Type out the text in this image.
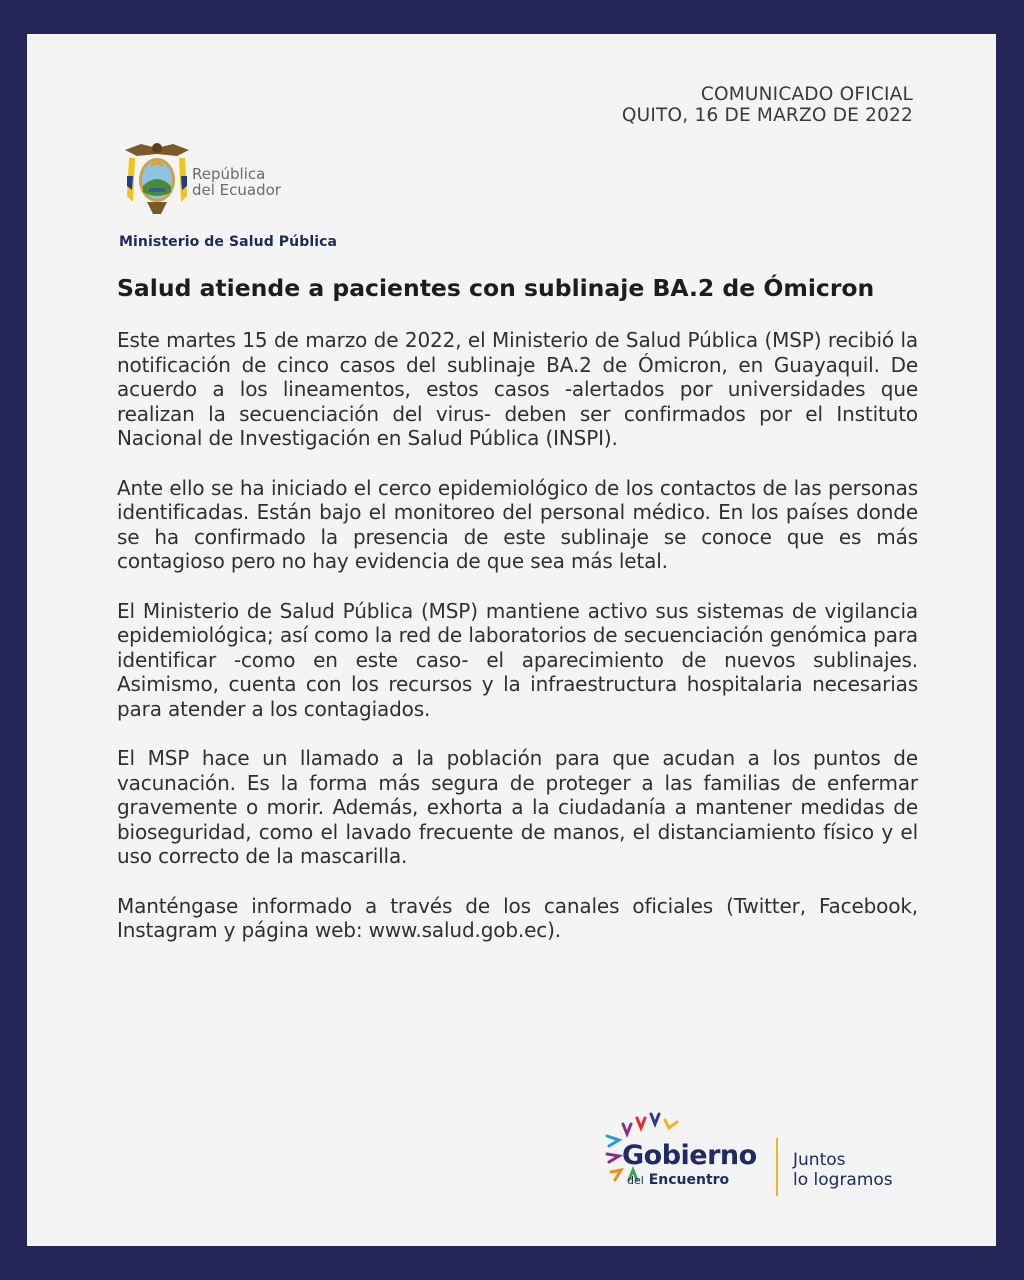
COMUNICADO OFICIAL
QUITO, 16 DE MARZO DE 2022
República
del Ecuador
Ministerio de Salud Pública
Salud atiende a pacientes con sublinaje BA.2 de Ómicron

Este martes 15 de marzo de 2022, el Ministerio de Salud Pública (MSP) recibió la notificación de cinco casos del sublinaje BA.2 de Ómicron, en Guayaquil. De acuerdo a los lineamentos, estos casos -alertados por universidades que realizan la secuenciación del virus- deben ser confirmados por el Instituto Nacional de Investigación en Salud Pública (INSPI).

Ante ello se ha iniciado el cerco epidemiológico de los contactos de las personas identificadas. Están bajo el monitoreo del personal médico. En los países donde se ha confirmado la presencia de este sublinaje se conoce que es más contagioso pero no hay evidencia de que sea más letal.

El Ministerio de Salud Pública (MSP) mantiene activo sus sistemas de vigilancia epidemiológica; así como la red de laboratorios de secuenciación genómica para identificar -como en este caso- el aparecimiento de nuevos sublinajes. Asimismo, cuenta con los recursos y la infraestructura hospitalaria necesarias para atender a los contagiados.

El MSP hace un llamado a la población para que acudan a los puntos de vacunación. Es la forma más segura de proteger a las familias de enfermar gravemente o morir. Además, exhorta a la ciudadanía a mantener medidas de bioseguridad, como el lavado frecuente de manos, el distanciamiento físico y el uso correcto de la mascarilla.

Manténgase informado a través de los canales oficiales (Twitter, Facebook, Instagram y página web: www.salud.gob.ec).

Gobierno
del Encuentro
Juntos
lo logramos
